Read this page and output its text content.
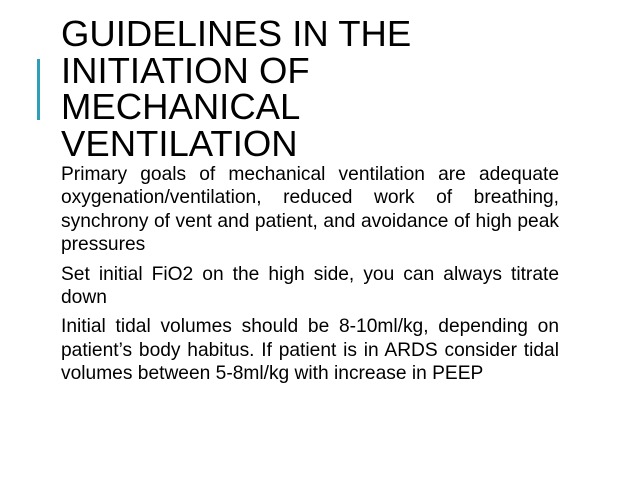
GUIDELINES IN THE
INITIATION OF
MECHANICAL
VENTILATION

Primary goals of mechanical ventilation are adequate oxygenation/ventilation, reduced work of breathing, synchrony of vent and patient, and avoidance of high peak pressures

Set initial FiO2 on the high side, you can always titrate down

Initial tidal volumes should be 8-10ml/kg, depending on patient’s body habitus. If patient is in ARDS consider tidal volumes between 5-8ml/kg with increase in PEEP
